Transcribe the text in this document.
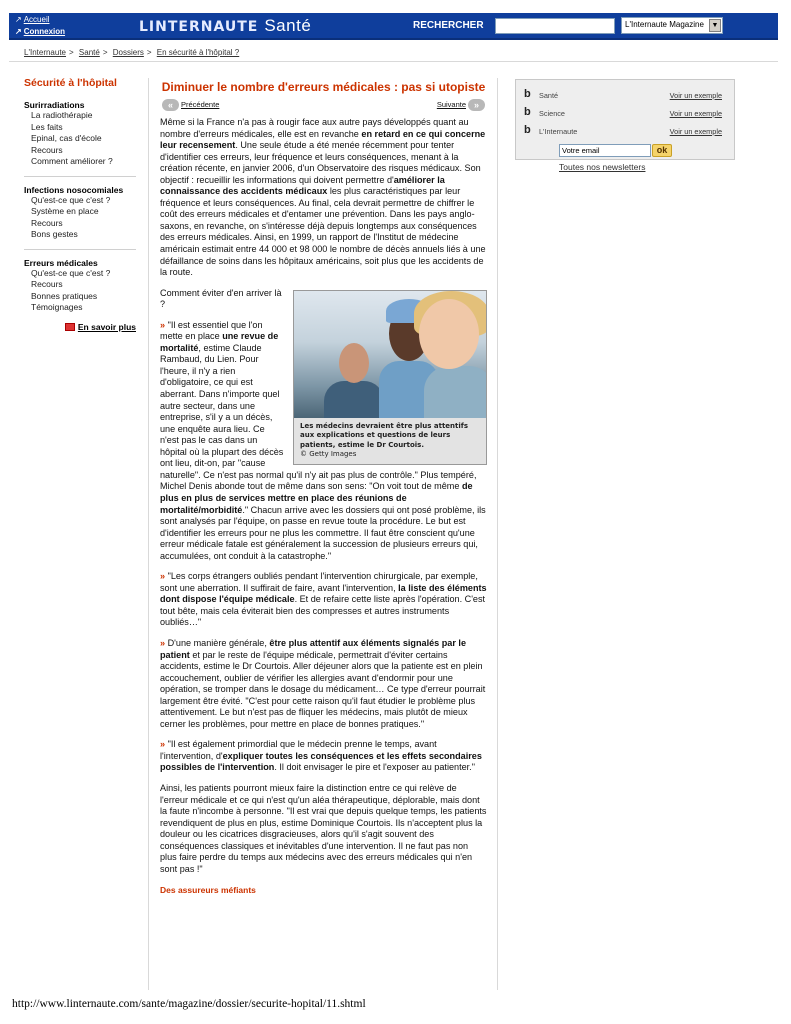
↗ Accueil
↗ Connexion	LINTERNAUTE Santé	RECHERCHER	L'Internaute Magazine	▼
L'Internaute > Santé > Dossiers > En sécurité à l'hôpital ?
Sécurité à l'hôpital
Surirradiations
La radiothérapie
Les faits
Epinal, cas d'école
Recours
Comment améliorer ?
Infections nosocomiales
Qu'est-ce que c'est ?
Système en place
Recours
Bons gestes
Erreurs médicales
Qu'est-ce que c'est ?
Recours
Bonnes pratiques
Témoignages
En savoir plus
Diminuer le nombre d'erreurs médicales : pas si utopiste
« Précédente	Suivante »

Même si la France n'a pas à rougir face aux autre pays développés quant au nombre d'erreurs médicales, elle est en revanche en retard en ce qui concerne leur recensement. Une seule étude a été menée récemment pour tenter d'identifier ces erreurs, leur fréquence et leurs conséquences, menant à la création récente, en janvier 2006, d'un Observatoire des risques médicaux. Son objectif : recueillir les informations qui doivent permettre d'améliorer la connaissance des accidents médicaux les plus caractéristiques par leur fréquence et leurs conséquences. Au final, cela devrait permettre de chiffrer le coût des erreurs médicales et d'entamer une prévention. Dans les pays anglo-saxons, en revanche, on s'intéresse déjà depuis longtemps aux conséquences des erreurs médicales. Ainsi, en 1999, un rapport de l'Institut de médecine américain estimait entre 44 000 et 98 000 le nombre de décès annuels liés à une défaillance de soins dans les hôpitaux américains, soit plus que les accidents de la route.

Les médecins devraient être plus attentifs aux explications et questions de leurs patients, estime le Dr Courtois.
© Getty Images

Comment éviter d'en arriver là ?

» "Il est essentiel que l'on mette en place une revue de mortalité, estime Claude Rambaud, du Lien. Pour l'heure, il n'y a rien d'obligatoire, ce qui est aberrant. Dans n'importe quel autre secteur, dans une entreprise, s'il y a un décès, une enquête aura lieu. Ce n'est pas le cas dans un hôpital où la plupart des décès ont lieu, dit-on, par "cause naturelle". Ce n'est pas normal qu'il n'y ait pas plus de contrôle." Plus tempéré, Michel Denis abonde tout de même dans son sens: "On voit tout de même de plus en plus de services mettre en place des réunions de mortalité/morbidité." Chacun arrive avec les dossiers qui ont posé problème, ils sont analysés par l'équipe, on passe en revue toute la procédure. Le but est d'identifier les erreurs pour ne plus les commettre. Il faut être conscient qu'une erreur médicale fatale est généralement la succession de plusieurs erreurs qui, accumulées, ont conduit à la catastrophe."

» "Les corps étrangers oubliés pendant l'intervention chirurgicale, par exemple, sont une aberration. Il suffirait de faire, avant l'intervention, la liste des éléments dont dispose l'équipe médicale. Et de refaire cette liste après l'opération. C'est tout bête, mais cela éviterait bien des compresses et autres instruments oubliés…"

» D'une manière générale, être plus attentif aux éléments signalés par le patient et par le reste de l'équipe médicale, permettrait d'éviter certains accidents, estime le Dr Courtois. Aller déjeuner alors que la patiente est en plein accouchement, oublier de vérifier les allergies avant d'endormir pour une opération, se tromper dans le dosage du médicament… Ce type d'erreur pourrait largement être évité. "C'est pour cette raison qu'il faut étudier le problème plus attentivement. Le but n'est pas de fliquer les médecins, mais plutôt de mieux cerner les problèmes, pour mettre en place de bonnes pratiques."

» "Il est également primordial que le médecin prenne le temps, avant l'intervention, d'expliquer toutes les conséquences et les effets secondaires possibles de l'intervention. Il doit envisager le pire et l'exposer au patienter."

Ainsi, les patients pourront mieux faire la distinction entre ce qui relève de l'erreur médicale et ce qui n'est qu'un aléa thérapeutique, déplorable, mais dont la faute n'incombe à personne. "Il est vrai que depuis quelque temps, les patients revendiquent de plus en plus, estime Dominique Courtois. Ils n'acceptent plus la douleur ou les cicatrices disgracieuses, alors qu'il s'agit souvent des conséquences classiques et inévitables d'une intervention. Il ne faut pas non plus faire perdre du temps aux médecins avec des erreurs médicales qui n'en sont pas !"

Des assureurs méfiants
b Santé	Voir un exemple
b Science	Voir un exemple
b L'Internaute	Voir un exemple
Votre email	ok
Toutes nos newsletters
http://www.linternaute.com/sante/magazine/dossier/securite-hopital/11.shtml
